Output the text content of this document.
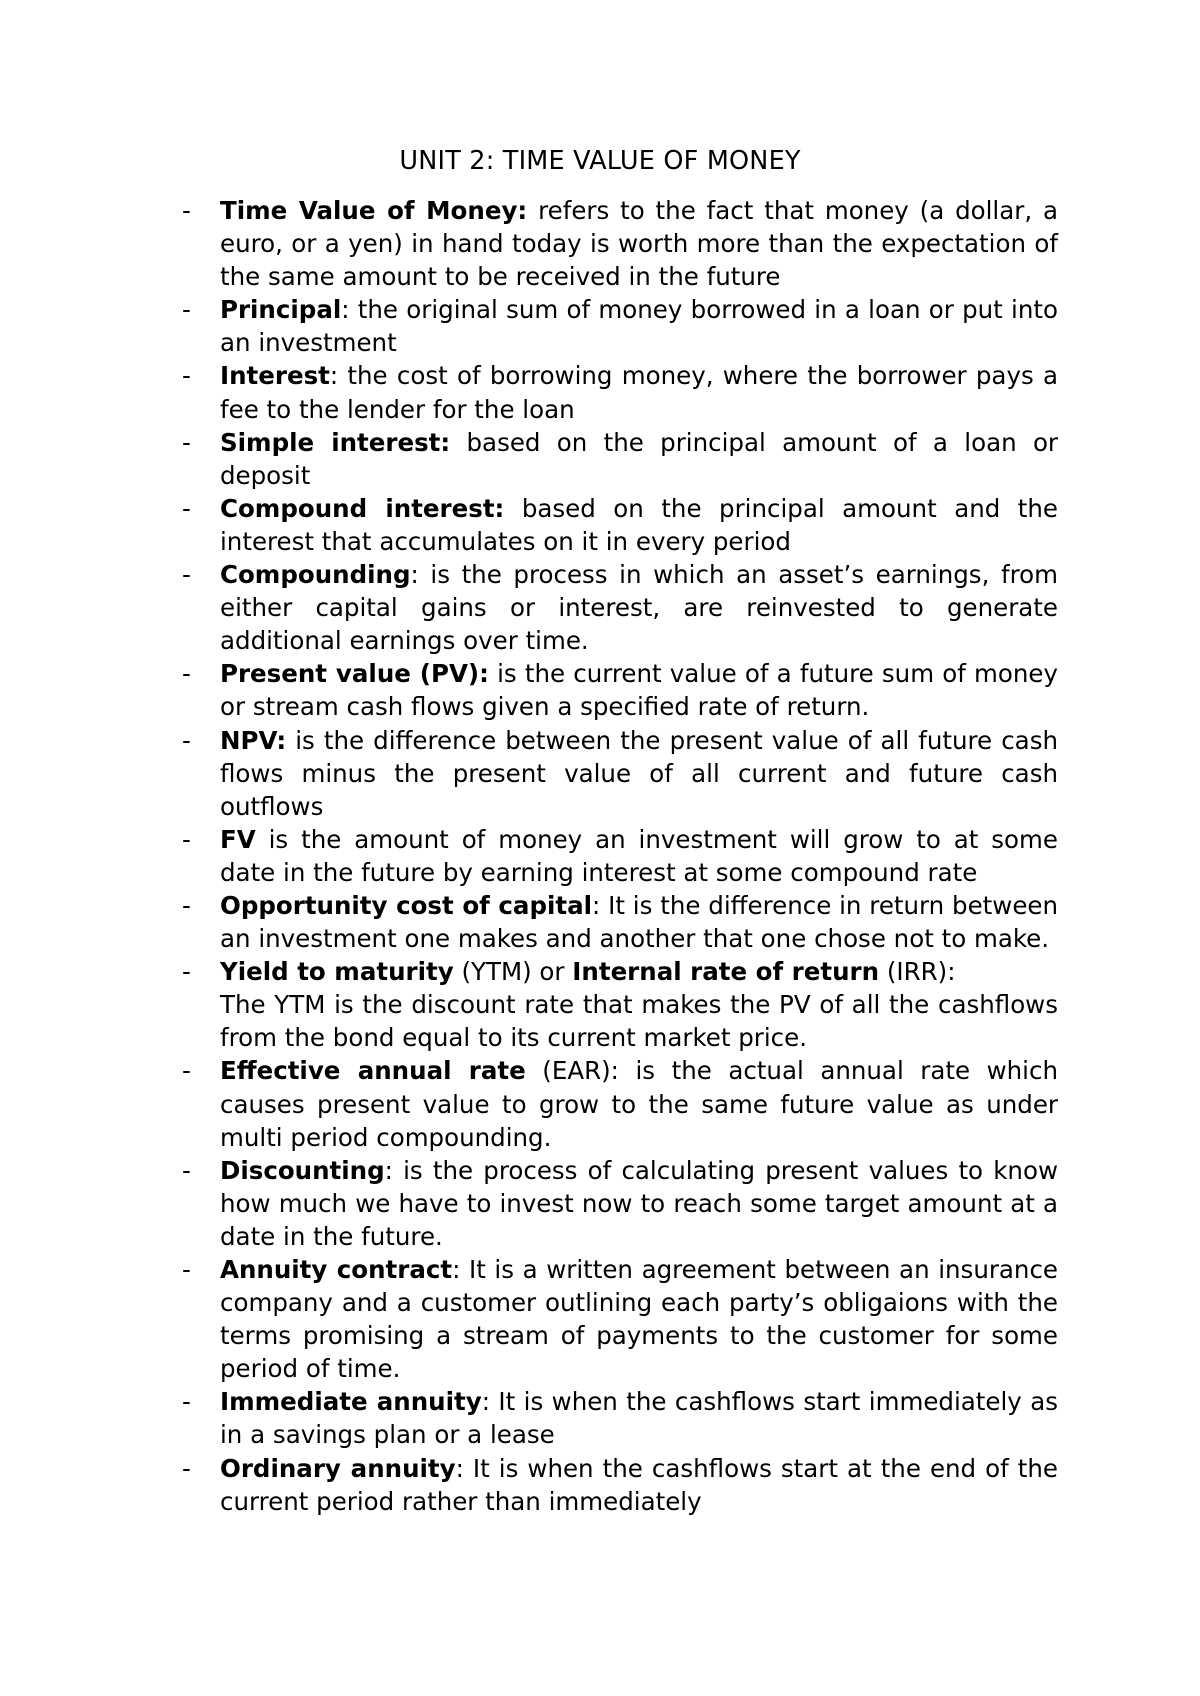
UNIT 2: TIME VALUE OF MONEY
- Time Value of Money: refers to the fact that money (a dollar, a euro, or a yen) in hand today is worth more than the expectation of the same amount to be received in the future
- Principal: the original sum of money borrowed in a loan or put into an investment
- Interest: the cost of borrowing money, where the borrower pays a fee to the lender for the loan
- Simple interest: based on the principal amount of a loan or deposit
- Compound interest: based on the principal amount and the interest that accumulates on it in every period
- Compounding: is the process in which an asset’s earnings, from either capital gains or interest, are reinvested to generate additional earnings over time.
- Present value (PV): is the current value of a future sum of money or stream cash flows given a specified rate of return.
- NPV: is the difference between the present value of all future cash flows minus the present value of all current and future cash outflows
- FV is the amount of money an investment will grow to at some date in the future by earning interest at some compound rate
- Opportunity cost of capital: It is the difference in return between an investment one makes and another that one chose not to make.
- Yield to maturity (YTM) or Internal rate of return (IRR):
The YTM is the discount rate that makes the PV of all the cashflows from the bond equal to its current market price.
- Effective annual rate (EAR): is the actual annual rate which causes present value to grow to the same future value as under multi period compounding.
- Discounting: is the process of calculating present values to know how much we have to invest now to reach some target amount at a date in the future.
- Annuity contract: It is a written agreement between an insurance company and a customer outlining each party’s obligaions with the terms promising a stream of payments to the customer for some period of time.
- Immediate annuity: It is when the cashflows start immediately as in a savings plan or a lease
- Ordinary annuity: It is when the cashflows start at the end of the current period rather than immediately
